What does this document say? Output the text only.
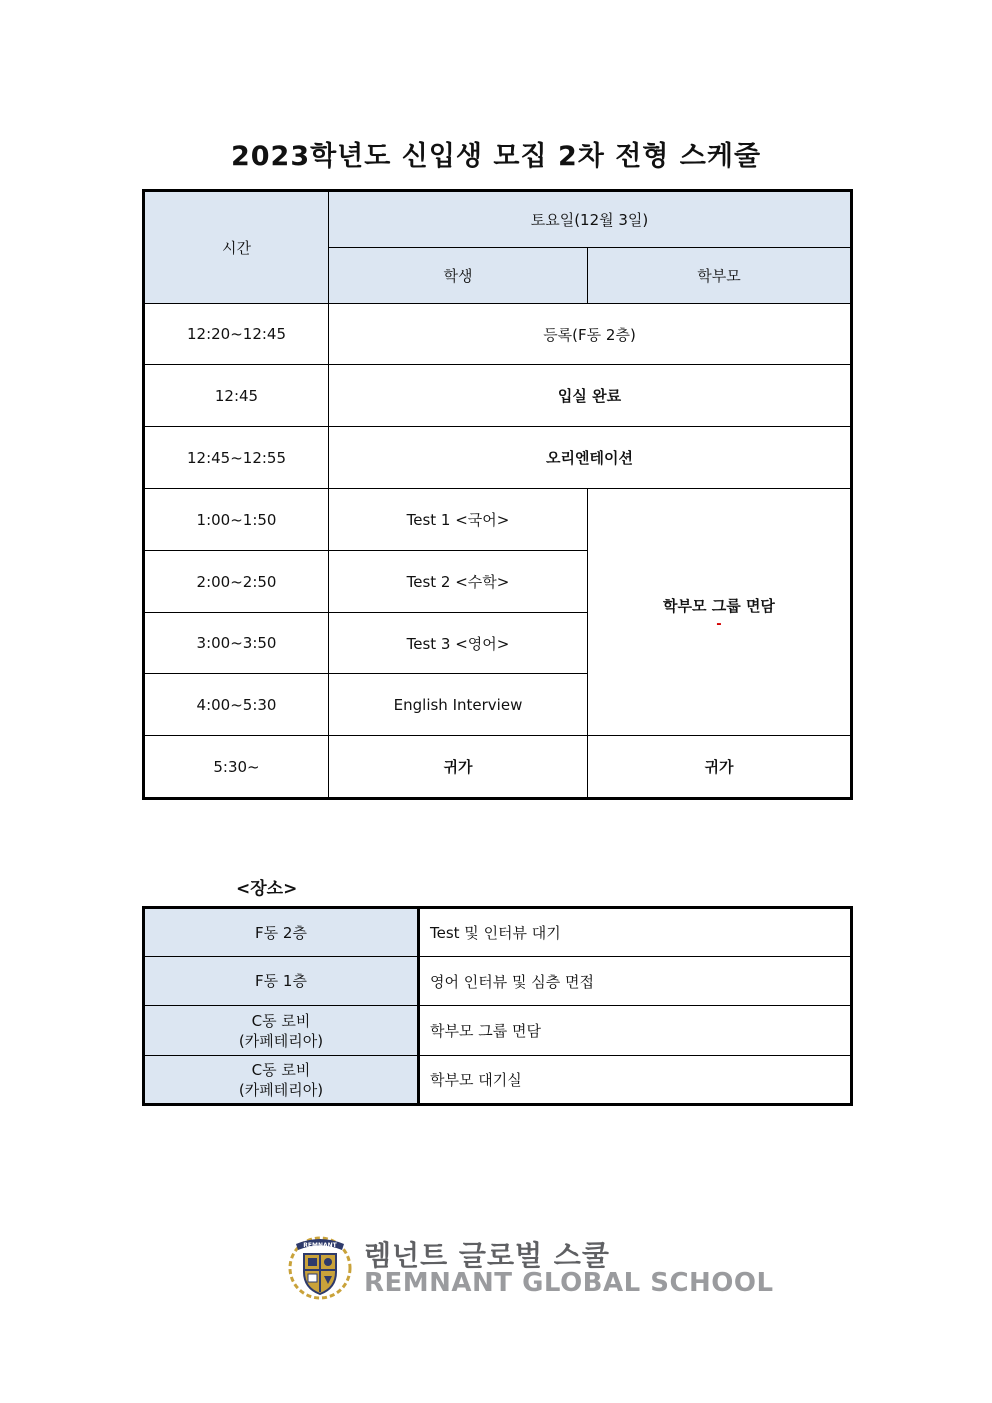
2023학년도 신입생 모집 2차 전형 스케줄
시간	토요일(12월 3일)	
	학생	학부모
12:20~12:45	등록(F동 2층)	
12:45	입실 완료	
12:45~12:55	오리엔테이션	
1:00~1:50	Test 1 <국어>	학부모 그룹 면담
-

2:00~2:50	Test 2 <수학>	
3:00~3:50	Test 3 <영어>	
4:00~5:30	English Interview	
5:30~	귀가	귀가
<장소>
F동 2층	Test 및 인터뷰 대기
F동 1층	영어 인터뷰 및 심층 면접

C동 로비
(카페테리아)	학부모 그룹 면담

C동 로비
(카페테리아)	학부모 대기실
REMNANT 렘넌트 글로벌 스쿨
REMNANT GLOBAL SCHOOL
